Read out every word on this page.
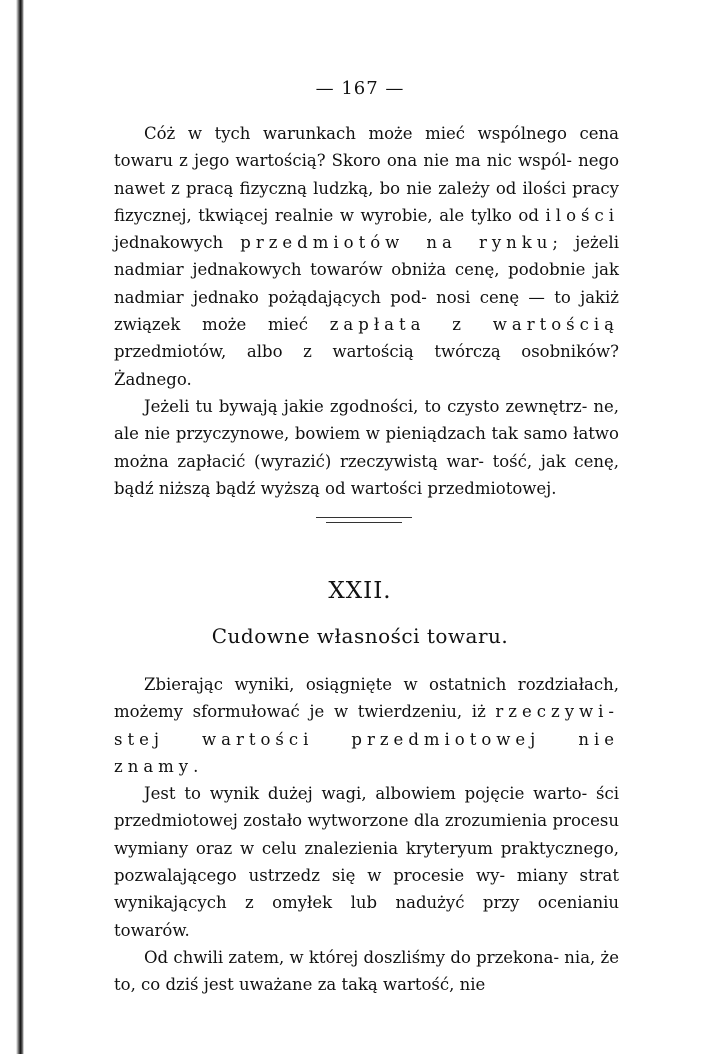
— 167 —

Cóż w tych warunkach może mieć wspólnego cena towaru z jego wartością? Skoro ona nie ma nic wspól‐ nego nawet z pracą fizyczną ludzką, bo nie zależy od ilości pracy fizycznej, tkwiącej realnie w wyrobie, ale tylko od ilości jednakowych przedmiotów na rynku; jeżeli nadmiar jednakowych towarów obniża cenę, podobnie jak nadmiar jednako pożądających pod‐ nosi cenę — to jakiż związek może mieć zapłata z wartością przedmiotów, albo z wartością twórczą osobników? Żadnego.

Jeżeli tu bywają jakie zgodności, to czysto zewnętrz‐ ne, ale nie przyczynowe, bowiem w pieniądzach tak samo łatwo można zapłacić (wyrazić) rzeczywistą war‐ tość, jak cenę, bądź niższą bądź wyższą od wartości przedmiotowej.

XXII.
Cudowne własności towaru.

Zbierając wyniki, osiągnięte w ostatnich rozdziałach, możemy sformułować je w twierdzeniu, iż rzeczywi‐ stej wartości przedmiotowej nie znamy.

Jest to wynik dużej wagi, albowiem pojęcie warto‐ ści przedmiotowej zostało wytworzone dla zrozumienia procesu wymiany oraz w celu znalezienia kryteryum praktycznego, pozwalającego ustrzedz się w procesie wy‐ miany strat wynikających z omyłek lub nadużyć przy ocenianiu towarów.

Od chwili zatem, w której doszliśmy do przekona‐ nia, że to, co dziś jest uważane za taką wartość, nie
